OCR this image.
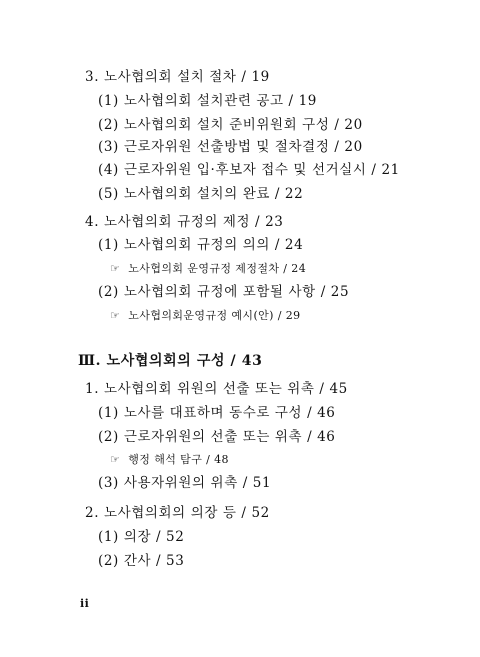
3. 노사협의회 설치 절차 / 19
(1) 노사협의회 설치관련 공고 / 19
(2) 노사협의회 설치 준비위원회 구성 / 20
(3) 근로자위원 선출방법 및 절차결정 / 20
(4) 근로자위원 입·후보자 접수 및 선거실시 / 21
(5) 노사협의회 설치의 완료 / 22
4. 노사협의회 규정의 제정 / 23
(1) 노사협의회 규정의 의의 / 24
☞ 노사협의회 운영규정 제정절차 / 24
(2) 노사협의회 규정에 포함될 사항 / 25
☞ 노사협의회운영규정 예시(안) / 29
Ⅲ. 노사협의회의 구성 / 43
1. 노사협의회 위원의 선출 또는 위촉 / 45
(1) 노사를 대표하며 동수로 구성 / 46
(2) 근로자위원의 선출 또는 위촉 / 46
☞ 행정 해석 탐구 / 48
(3) 사용자위원의 위촉 / 51
2. 노사협의회의 의장 등 / 52
(1) 의장 / 52
(2) 간사 / 53
ii
